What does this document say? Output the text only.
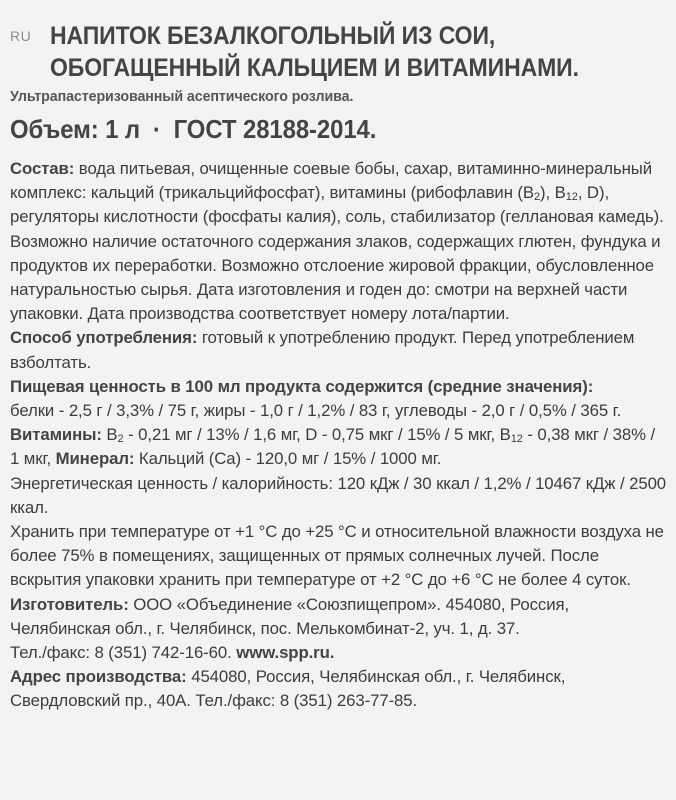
RU НАПИТОК БЕЗАЛКОГОЛЬНЫЙ ИЗ СОИ,
ОБОГАЩЕННЫЙ КАЛЬЦИЕМ И ВИТАМИНАМИ.
Ультрапастеризованный асептического розлива.
Объем: 1 л · ГОСТ 28188-2014.

Состав: вода питьевая, очищенные соевые бобы, сахар, витаминно-минеральный комплекс: кальций (трикальцийфосфат), витамины (рибофлавин $(B_2)$, $B_{12}$, D), регуляторы кислотности (фосфаты калия), соль, стабилизатор (геллановая камедь). Возможно наличие остаточного содержания злаков, содержащих глютен, фундука и продуктов их переработки. Возможно отслоение жировой фракции, обусловленное натуральностью сырья. Дата изготовления и годен до: смотри на верхней части упаковки. Дата производства соответствует номеру лота/партии.

Способ употребления: готовый к употреблению продукт. Перед употреблением взболтать.

Пищевая ценность в 100 мл продукта содержится (средние значения):

белки - 2,5 г / 3,3% / 75 г, жиры - 1,0 г / 1,2% / 83 г, углеводы - 2,0 г / 0,5% / 365 г.

Витамины: $B_2 - 0,21$ мг / 13% / 1,6 мг, D - 0,75 мкг / 15% / 5 мкг, $B_{12} - 0,38$ мкг / 38% / 1 мкг, Минерал: Кальций (Ca) - 120,0 мг / 15% / 1000 мг.

Энергетическая ценность / калорийность: 120 кДж / 30 ккал / 1,2% / 10467 кДж / 2500 ккал.

Хранить при температуре от +1 °С до +25 °С и относительной влажности воздуха не более 75% в помещениях, защищенных от прямых солнечных лучей. После вскрытия упаковки хранить при температуре от +2 °С до +6 °С не более 4 суток.

Изготовитель: ООО «Объединение «Союзпищепром». 454080, Россия, Челябинская обл., г. Челябинск, пос. Мелькомбинат-2, уч. 1, д. 37.

Тел./факс: 8 (351) 742-16-60. www.spp.ru.

Адрес производства: 454080, Россия, Челябинская обл., г. Челябинск, Свердловский пр., 40А. Тел./факс: 8 (351) 263-77-85.
